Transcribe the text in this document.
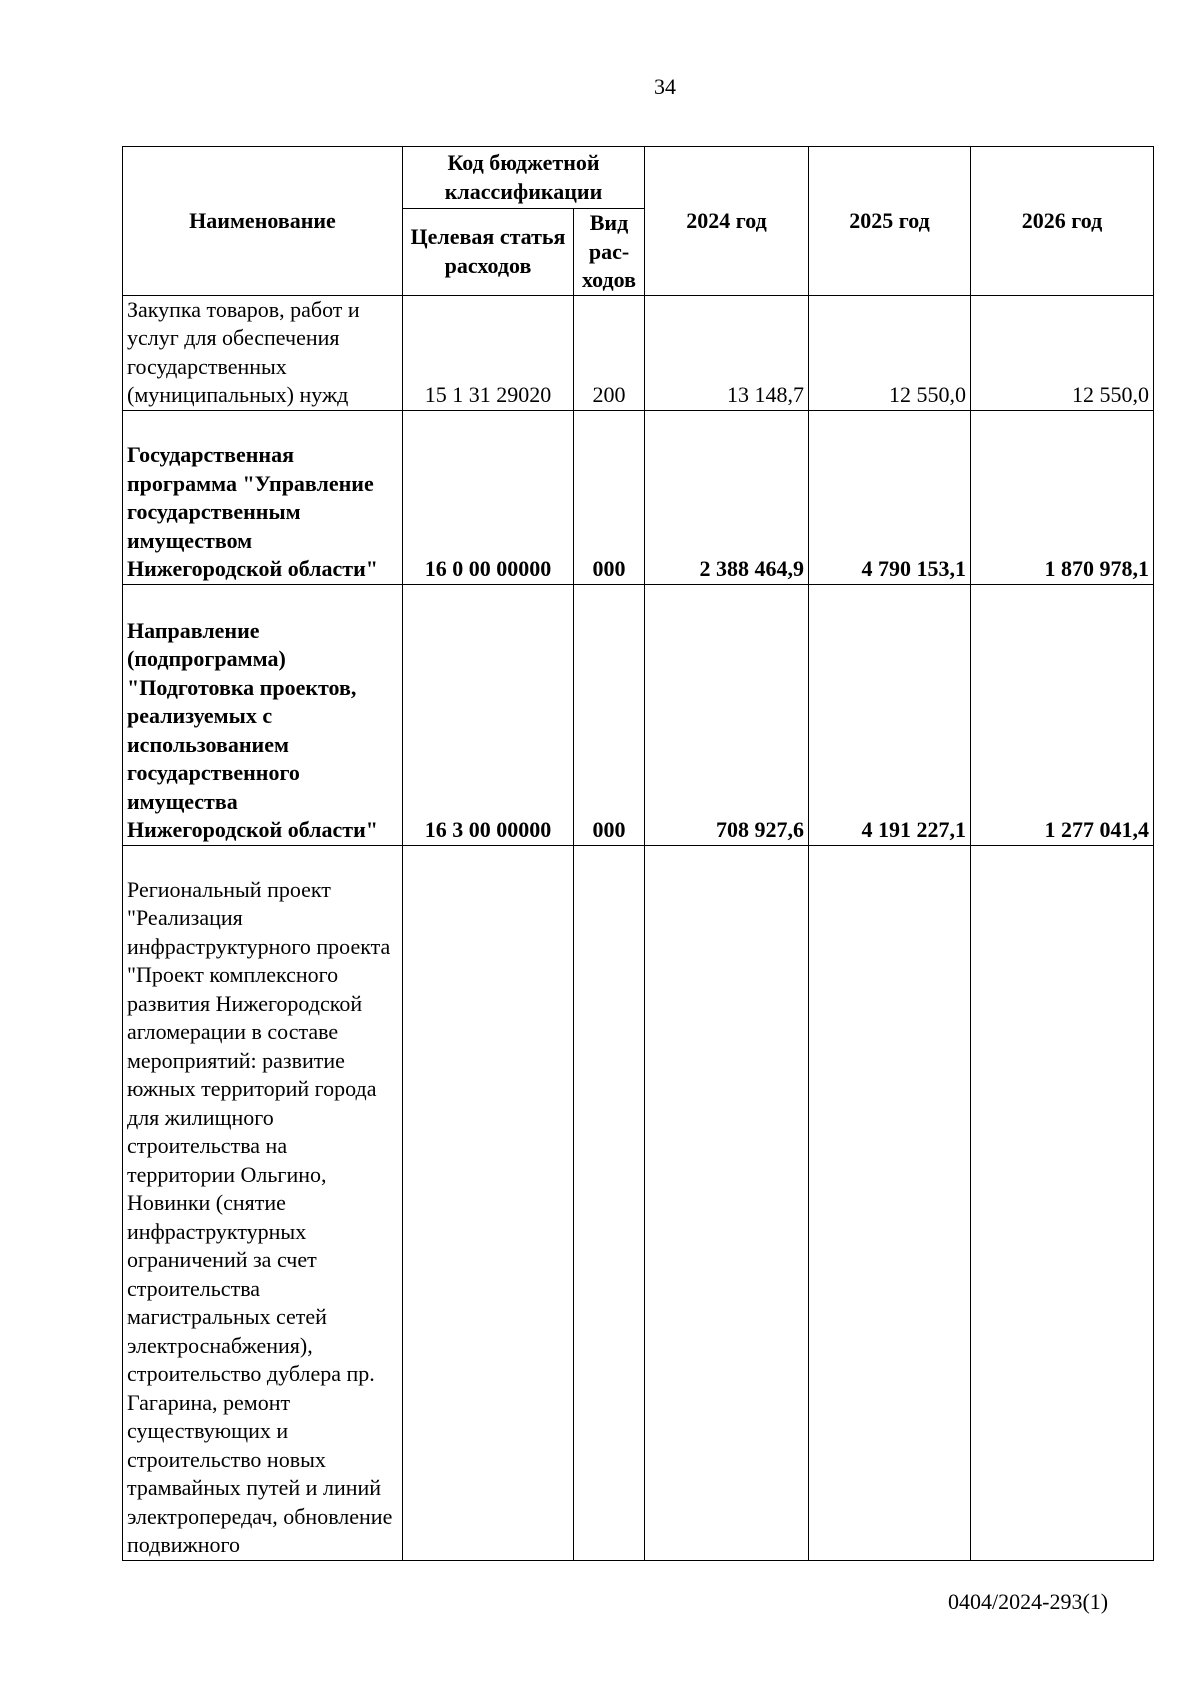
34
Наименование	Код бюджетной классификации		2024 год	2025 год	2026 год
	Целевая статья расходов	Вид рас-ходов			
Закупка товаров, работ и услуг для обеспечения государственных (муниципальных) нужд	15 1 31 29020	200	13 148,7	12 550,0	12 550,0
Государственная программа "Управление государственным имуществом Нижегородской области"	16 0 00 00000	000	2 388 464,9	4 790 153,1	1 870 978,1
Направление (подпрограмма) "Подготовка проектов, реализуемых с использованием государственного имущества Нижегородской области"	16 3 00 00000	000	708 927,6	4 191 227,1	1 277 041,4
Региональный проект "Реализация инфраструктурного проекта "Проект комплексного развития Нижегородской агломерации в составе мероприятий: развитие южных территорий города для жилищного строительства на территории Ольгино, Новинки (снятие инфраструктурных ограничений за счет строительства магистральных сетей электроснабжения), строительство дублера пр. Гагарина, ремонт существующих и строительство новых трамвайных путей и линий электропередач, обновление подвижного					
0404/2024-293(1)
